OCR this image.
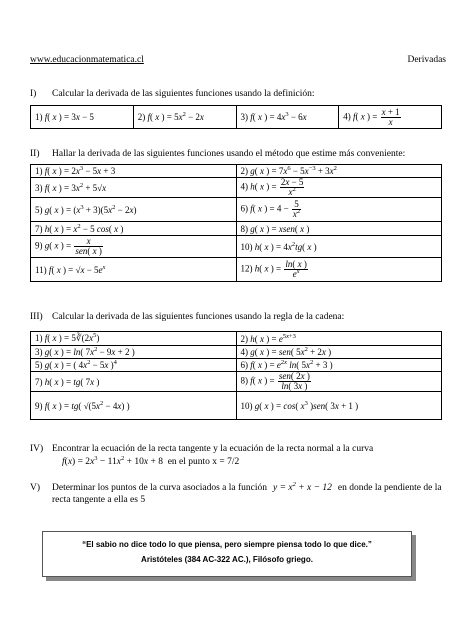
www.educacionmatematica.cl	Derivadas
I) Calcular la derivada de las siguientes funciones usando la definición:
1) f( x ) = 3x − 5	2) f( x ) = $5x^2 - 2x$	3) f( x ) = $4x^3 - 6x$	4) f( x ) = $\frac{x + 1}{x}$
II) Hallar la derivada de las siguientes funciones usando el método que estime más conveniente:
1) f( x ) = $2x^3 - 5x + 3$	2) g( x ) = $7x^6 - 5x^{-3} + 3x^2$
3) f( x ) = $3x^2 + 5√x$	4) h( x ) = $\frac{2x - 5}{x^2}$

5) g( x ) = $(x^3 + 3)(5x^2 - 2x)$	6) f( x ) = $4 - \frac{5}{x^2}$

7) h( x ) = $x^2 - 5$ cos( x )	8) g( x ) = xsen( x )
9) g( x ) = $\frac{x}{\text{sen( x )}}$	10) h( x ) = $4x^2tg$( x )
11) f( x ) = $√x - 5e^x$	12) h( x ) = $\frac{\ln( x )}{e^x}$
III) Calcular la derivada de las siguientes funciones usando la regla de la cadena:
1) f( x ) = $5∛(2x^5)$	2) h( x ) = $e^{5x+3}$
3) g( x ) = ln( $7x^2 - 9x + 2$ )	4) g( x ) = sen( $5x^2 + 2x$ )
5) g( x ) = ( $4x^2 - 5x$ )$^4$	6) f( x ) = $e^{2x}$ ln( $5x^2 + 3$ )
7) h( x ) = tg( 7x )	8) f( x ) = $\frac{\text{sen( 2x )}}{\ln( 3x )}$

9) f( x ) = tg( $√(5x^2 - 4x)$ )	10) g( x ) = cos( $x^3$ )sen( 3x + 1 )
IV) Encontrar la ecuación de la recta tangente y la ecuación de la recta normal a la curva
$f(x) = 2x^3 - 11x^2 + 10x + 8$  en el punto x = 7/2
V) Determinar los puntos de la curva asociados a la función $y = x^2 + x - 12$ en donde la pendiente de la
recta tangente a ella es 5
“El sabio no dice todo lo que piensa, pero siempre piensa todo lo que dice.”
Aristóteles (384 AC-322 AC.), Filósofo griego.
